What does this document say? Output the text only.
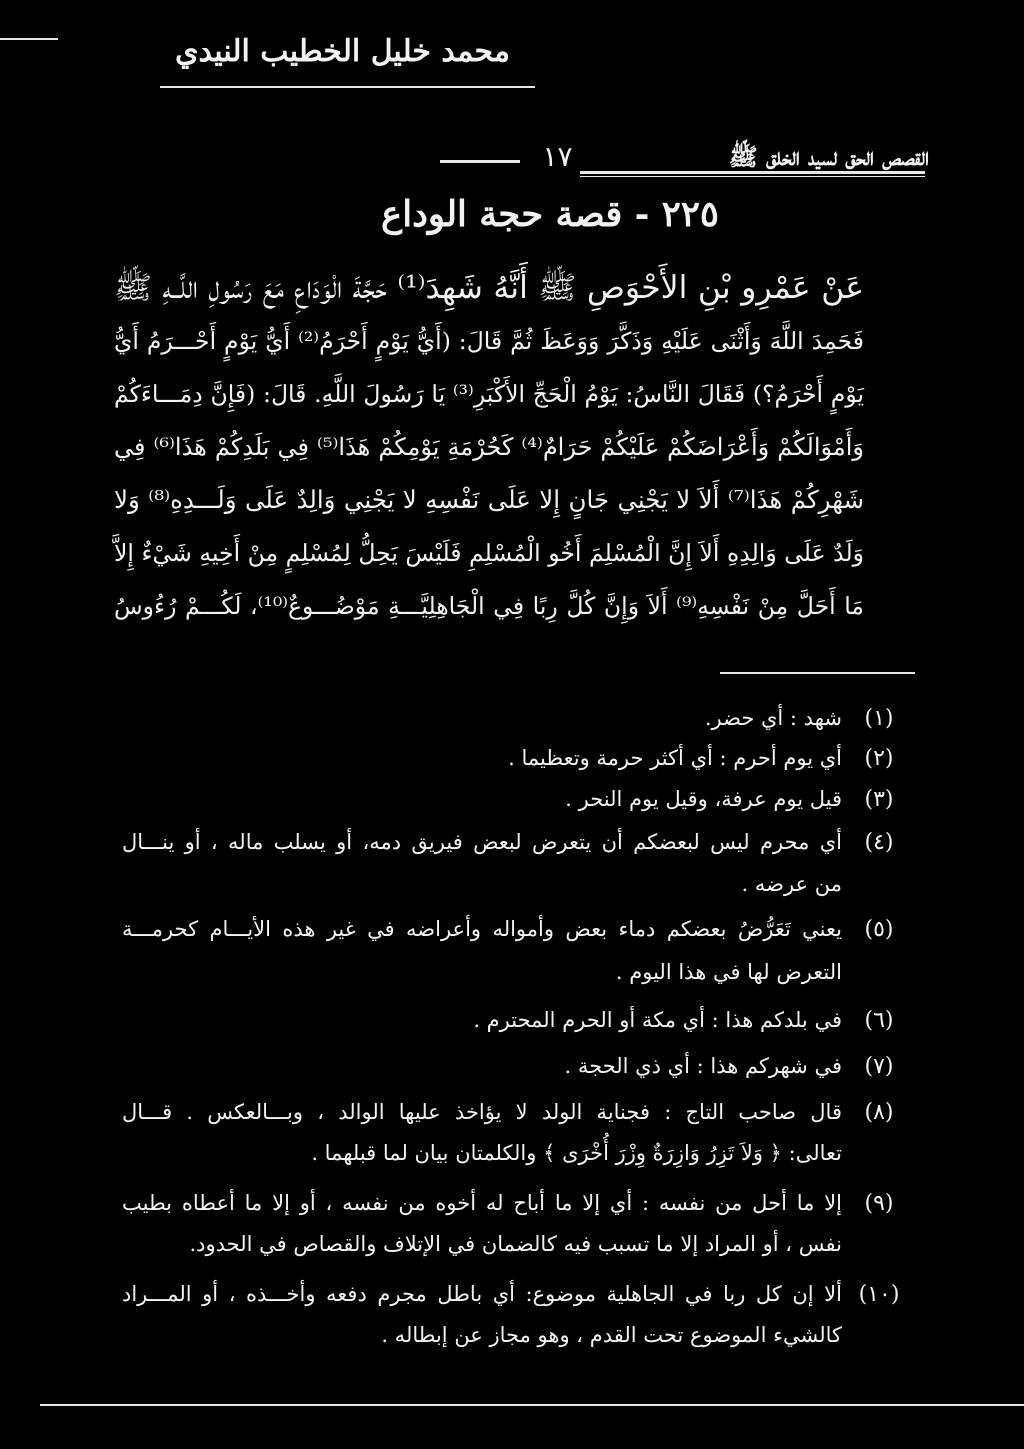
محمد خليل الخطيب النيدي
القصص الحق لسيد الخلق ﷺ
١٧
٢٢٥ - قصة حجة الوداع
عَنْ عَمْرِو بْنِ الأَحْوَصِ ﷺ أَنَّهُ شَهِدَ⁽¹⁾ حَجَّةَ الْوَدَاعِ مَعَ رَسُولِ اللَّــهِ ﷺ
فَحَمِدَ اللَّهَ وَأَثْنَى عَلَيْهِ وَذَكَّرَ وَوَعَظَ ثُمَّ قَالَ: (أَيُّ يَوْمٍ أَحْرَمُ⁽²⁾ أَيُّ يَوْمٍ أَحْـــرَمُ أَيُّ
يَوْمٍ أَحْرَمُ؟) فَقَالَ النَّاسُ: يَوْمُ الْحَجِّ الأَكْبَرِ⁽³⁾ يَا رَسُولَ اللَّهِ. قَالَ: (فَإِنَّ دِمَـــاءَكُمْ
وَأَمْوَالَكُمْ وَأَعْرَاضَكُمْ عَلَيْكُمْ حَرَامٌ⁽⁴⁾ كَحُرْمَةِ يَوْمِكُمْ هَذَا⁽⁵⁾ فِي بَلَدِكُمْ هَذَا⁽⁶⁾ فِي
شَهْرِكُمْ هَذَا⁽⁷⁾ أَلاَ لا يَجْنِي جَانٍ إِلا عَلَى نَفْسِهِ لا يَجْنِي وَالِدٌ عَلَى وَلَـــدِهِ⁽⁸⁾ وَلا
وَلَدٌ عَلَى وَالِدِهِ أَلاَ إِنَّ الْمُسْلِمَ أَخُو الْمُسْلِمِ فَلَيْسَ يَحِلُّ لِمُسْلِمٍ مِنْ أَخِيهِ شَيْءٌ إِلاَّ
مَا أَحَلَّ مِنْ نَفْسِهِ⁽⁹⁾ أَلاَ وَإِنَّ كُلَّ رِبًا فِي الْجَاهِلِيَّـــةِ مَوْضُـــوعٌ⁽¹⁰⁾، لَكُـــمْ رُءُوسُ
(١)
شهد : أي حضر.
(٢)
أي يوم أحرم : أي أكثر حرمة وتعظيما .
(٣)
قيل يوم عرفة، وقيل يوم النحر .
(٤)
أي محرم ليس لبعضكم أن يتعرض لبعض فيريق دمه، أو يسلب ماله ، أو ينـــال
من عرضه .
(٥)
يعني تَعَرُّضُ بعضكم دماء بعض وأمواله وأعراضه في غير هذه الأيـــام كحرمـــة
التعرض لها في هذا اليوم .
(٦)
في بلدكم هذا : أي مكة أو الحرم المحترم .
(٧)
في شهركم هذا : أي ذي الحجة .
(٨)
قال صاحب التاج : فجناية الولد لا يؤاخذ عليها الوالد ، وبـــالعكس . قـــال
تعالى: ﴿ وَلاَ تَزِرُ وَازِرَةٌ وِزْرَ أُخْرَى ﴾ والكلمتان بيان لما قبلهما .
(٩)
إلا ما أحل من نفسه : أي إلا ما أباح له أخوه من نفسه ، أو إلا ما أعطاه بطيب
نفس ، أو المراد إلا ما تسبب فيه كالضمان في الإتلاف والقصاص في الحدود.
(١٠)
ألا إن كل ربا في الجاهلية موضوع: أي باطل مجرم دفعه وأخـــذه ، أو المـــراد
كالشيء الموضوع تحت القدم ، وهو مجاز عن إبطاله .
